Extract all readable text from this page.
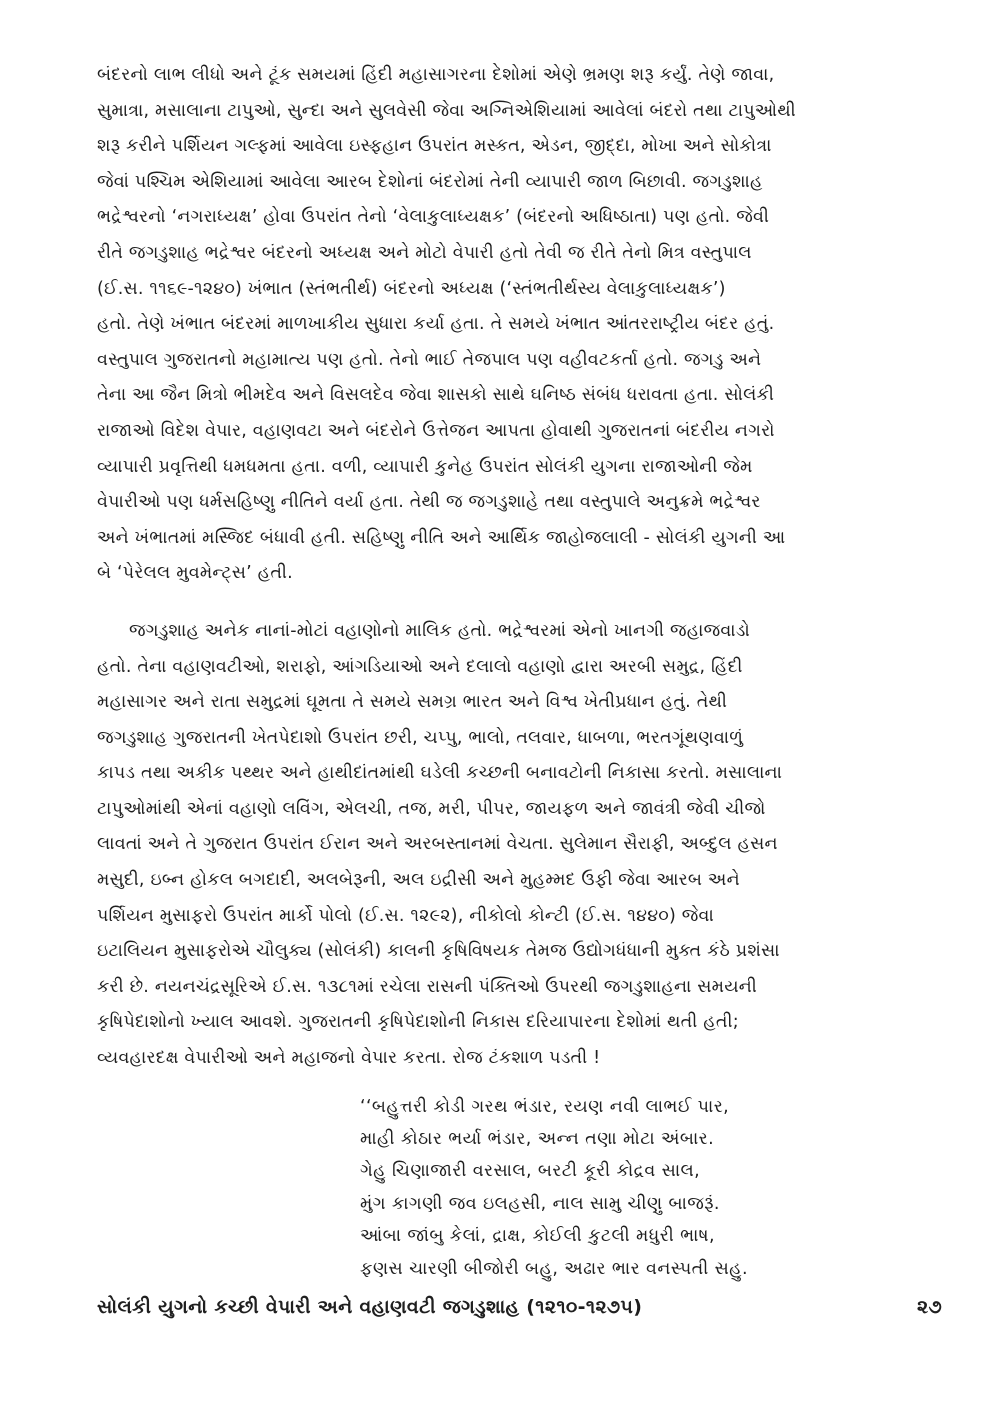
બંદરનો લાભ લીધો અને ટૂંક સમયમાં હિંદી મહાસાગરના દેશોમાં એણે ભ્રમણ શરૂ કર્યું. તેણે જાવા,
સુમાત્રા, મસાલાના ટાપુઓ, સુન્દા અને સુલવેસી જેવા અગ્નિએશિયામાં આવેલાં બંદરો તથા ટાપુઓથી
શરૂ કરીને પર્શિયન ગલ્ફમાં આવેલા ઇસ્ફહાન ઉપરાંત મસ્કત, એડન, જીદ્દા, મોખા અને સોકોત્રા
જેવાં પશ્ચિમ એશિયામાં આવેલા આરબ દેશોનાં બંદરોમાં તેની વ્યાપારી જાળ બિછાવી. જગડુશાહ
ભદ્રેશ્વરનો ‘નગરાધ્યક્ષ’ હોવા ઉપરાંત તેનો ‘વેલાકુલાધ્યક્ષક’ (બંદરનો અધિષ્ઠાતા) પણ હતો. જેવી
રીતે જગડુશાહ ભદ્રેશ્વર બંદરનો અધ્યક્ષ અને મોટો વેપારી હતો તેવી જ રીતે તેનો મિત્ર વસ્તુપાલ
(ઈ.સ. ૧૧૬૯-૧૨૪૦) ખંભાત (સ્તંભતીર્થ) બંદરનો અધ્યક્ષ (‘સ્તંભતીર્થસ્ય વેલાકુલાધ્યક્ષક’)
હતો. તેણે ખંભાત બંદરમાં માળખાકીય સુધારા કર્યા હતા. તે સમયે ખંભાત આંતરરાષ્ટ્રીય બંદર હતું.
વસ્તુપાલ ગુજરાતનો મહામાત્ય પણ હતો. તેનો ભાઈ તેજપાલ પણ વહીવટકર્તા હતો. જગડુ અને
તેના આ જૈન મિત્રો ભીમદેવ અને વિસલદેવ જેવા શાસકો સાથે ઘનિષ્ઠ સંબંધ ધરાવતા હતા. સોલંકી
રાજાઓ વિદેશ વેપાર, વહાણવટા અને બંદરોને ઉત્તેજન આપતા હોવાથી ગુજરાતનાં બંદરીય નગરો
વ્યાપારી પ્રવૃત્તિથી ધમધમતા હતા. વળી, વ્યાપારી કુનેહ ઉપરાંત સોલંકી યુગના રાજાઓની જેમ
વેપારીઓ પણ ધર્મસહિષ્ણુ નીતિને વર્યા હતા. તેથી જ જગડુશાહે તથા વસ્તુપાલે અનુક્રમે ભદ્રેશ્વર
અને ખંભાતમાં મસ્જિદ બંધાવી હતી. સહિષ્ણુ નીતિ અને આર્થિક જાહોજલાલી - સોલંકી યુગની આ
બે ‘પેરેલલ મુવમેન્ટ્સ’ હતી.

જગડુશાહ અનેક નાનાં-મોટાં વહાણોનો માલિક હતો. ભદ્રેશ્વરમાં એનો ખાનગી જહાજવાડો
હતો. તેના વહાણવટીઓ, શરાફો, આંગડિયાઓ અને દલાલો વહાણો દ્વારા અરબી સમુદ્ર, હિંદી
મહાસાગર અને રાતા સમુદ્રમાં ઘૂમતા તે સમયે સમગ્ર ભારત અને વિશ્વ ખેતીપ્રધાન હતું. તેથી
જગડુશાહ ગુજરાતની ખેતપેદાશો ઉપરાંત છરી, ચપ્પુ, ભાલો, તલવાર, ધાબળા, ભરતગૂંથણવાળું
કાપડ તથા અકીક પથ્થર અને હાથીદાંતમાંથી ઘડેલી કચ્છની બનાવટોની નિકાસા કરતો. મસાલાના
ટાપુઓમાંથી એનાં વહાણો લવિંગ, એલચી, તજ, મરી, પીપર, જાયફળ અને જાવંત્રી જેવી ચીજો
લાવતાં અને તે ગુજરાત ઉપરાંત ઈરાન અને અરબસ્તાનમાં વેચતા. સુલેમાન સૈરાફી, અબ્દુલ હસન
મસુદી, ઇબ્ન હોકલ બગદાદી, અલબેરૂની, અલ ઇદ્રીસી અને મુહમ્મદ ઉફી જેવા આરબ અને
પર્શિયન મુસાફરો ઉપરાંત માર્કો પોલો (ઈ.સ. ૧૨૯૨), નીકોલો કોન્ટી (ઈ.સ. ૧૪૪૦) જેવા
ઇટાલિયન મુસાફરોએ ચૌલુક્ય (સોલંકી) કાલની કૃષિવિષયક તેમજ ઉદ્યોગધંધાની મુક્ત કંઠે પ્રશંસા
કરી છે. નયનચંદ્રસૂરિએ ઈ.સ. ૧૩૮૧માં રચેલા રાસની પંક્તિઓ ઉપરથી જગડુશાહના સમયની
કૃષિપેદાશોનો ખ્યાલ આવશે. ગુજરાતની કૃષિપેદાશોની નિકાસ દરિયાપારના દેશોમાં થતી હતી;
વ્યવહારદક્ષ વેપારીઓ અને મહાજનો વેપાર કરતા. રોજ ટંકશાળ પડતી !

‘‘બહુત્તરી કોડી ગરથ ભંડાર, રયણ નવી લાભઈ પાર,
માહી કોઠાર ભર્યા ભંડાર, અન્ન તણા મોટા અંબાર.
ગેહુ ચિણાજારી વરસાલ, બરટી કૂરી કોદ્રવ સાલ,
મુંગ કાગણી જવ ઇલહસી, નાલ સામુ ચીણુ બાજરૂં.
આંબા જાંબુ કેલાં, દ્રાક્ષ, કોઈલી કુટલી મધુરી ભાષ,
ફણસ ચારણી બીજોરી બહુ, અઢાર ભાર વનસ્પતી સહુ.
સોલંકી યુગનો કચ્છી વેપારી અને વહાણવટી જગડુશાહ (૧૨૧૦-૧૨૭૫)	૨૭
